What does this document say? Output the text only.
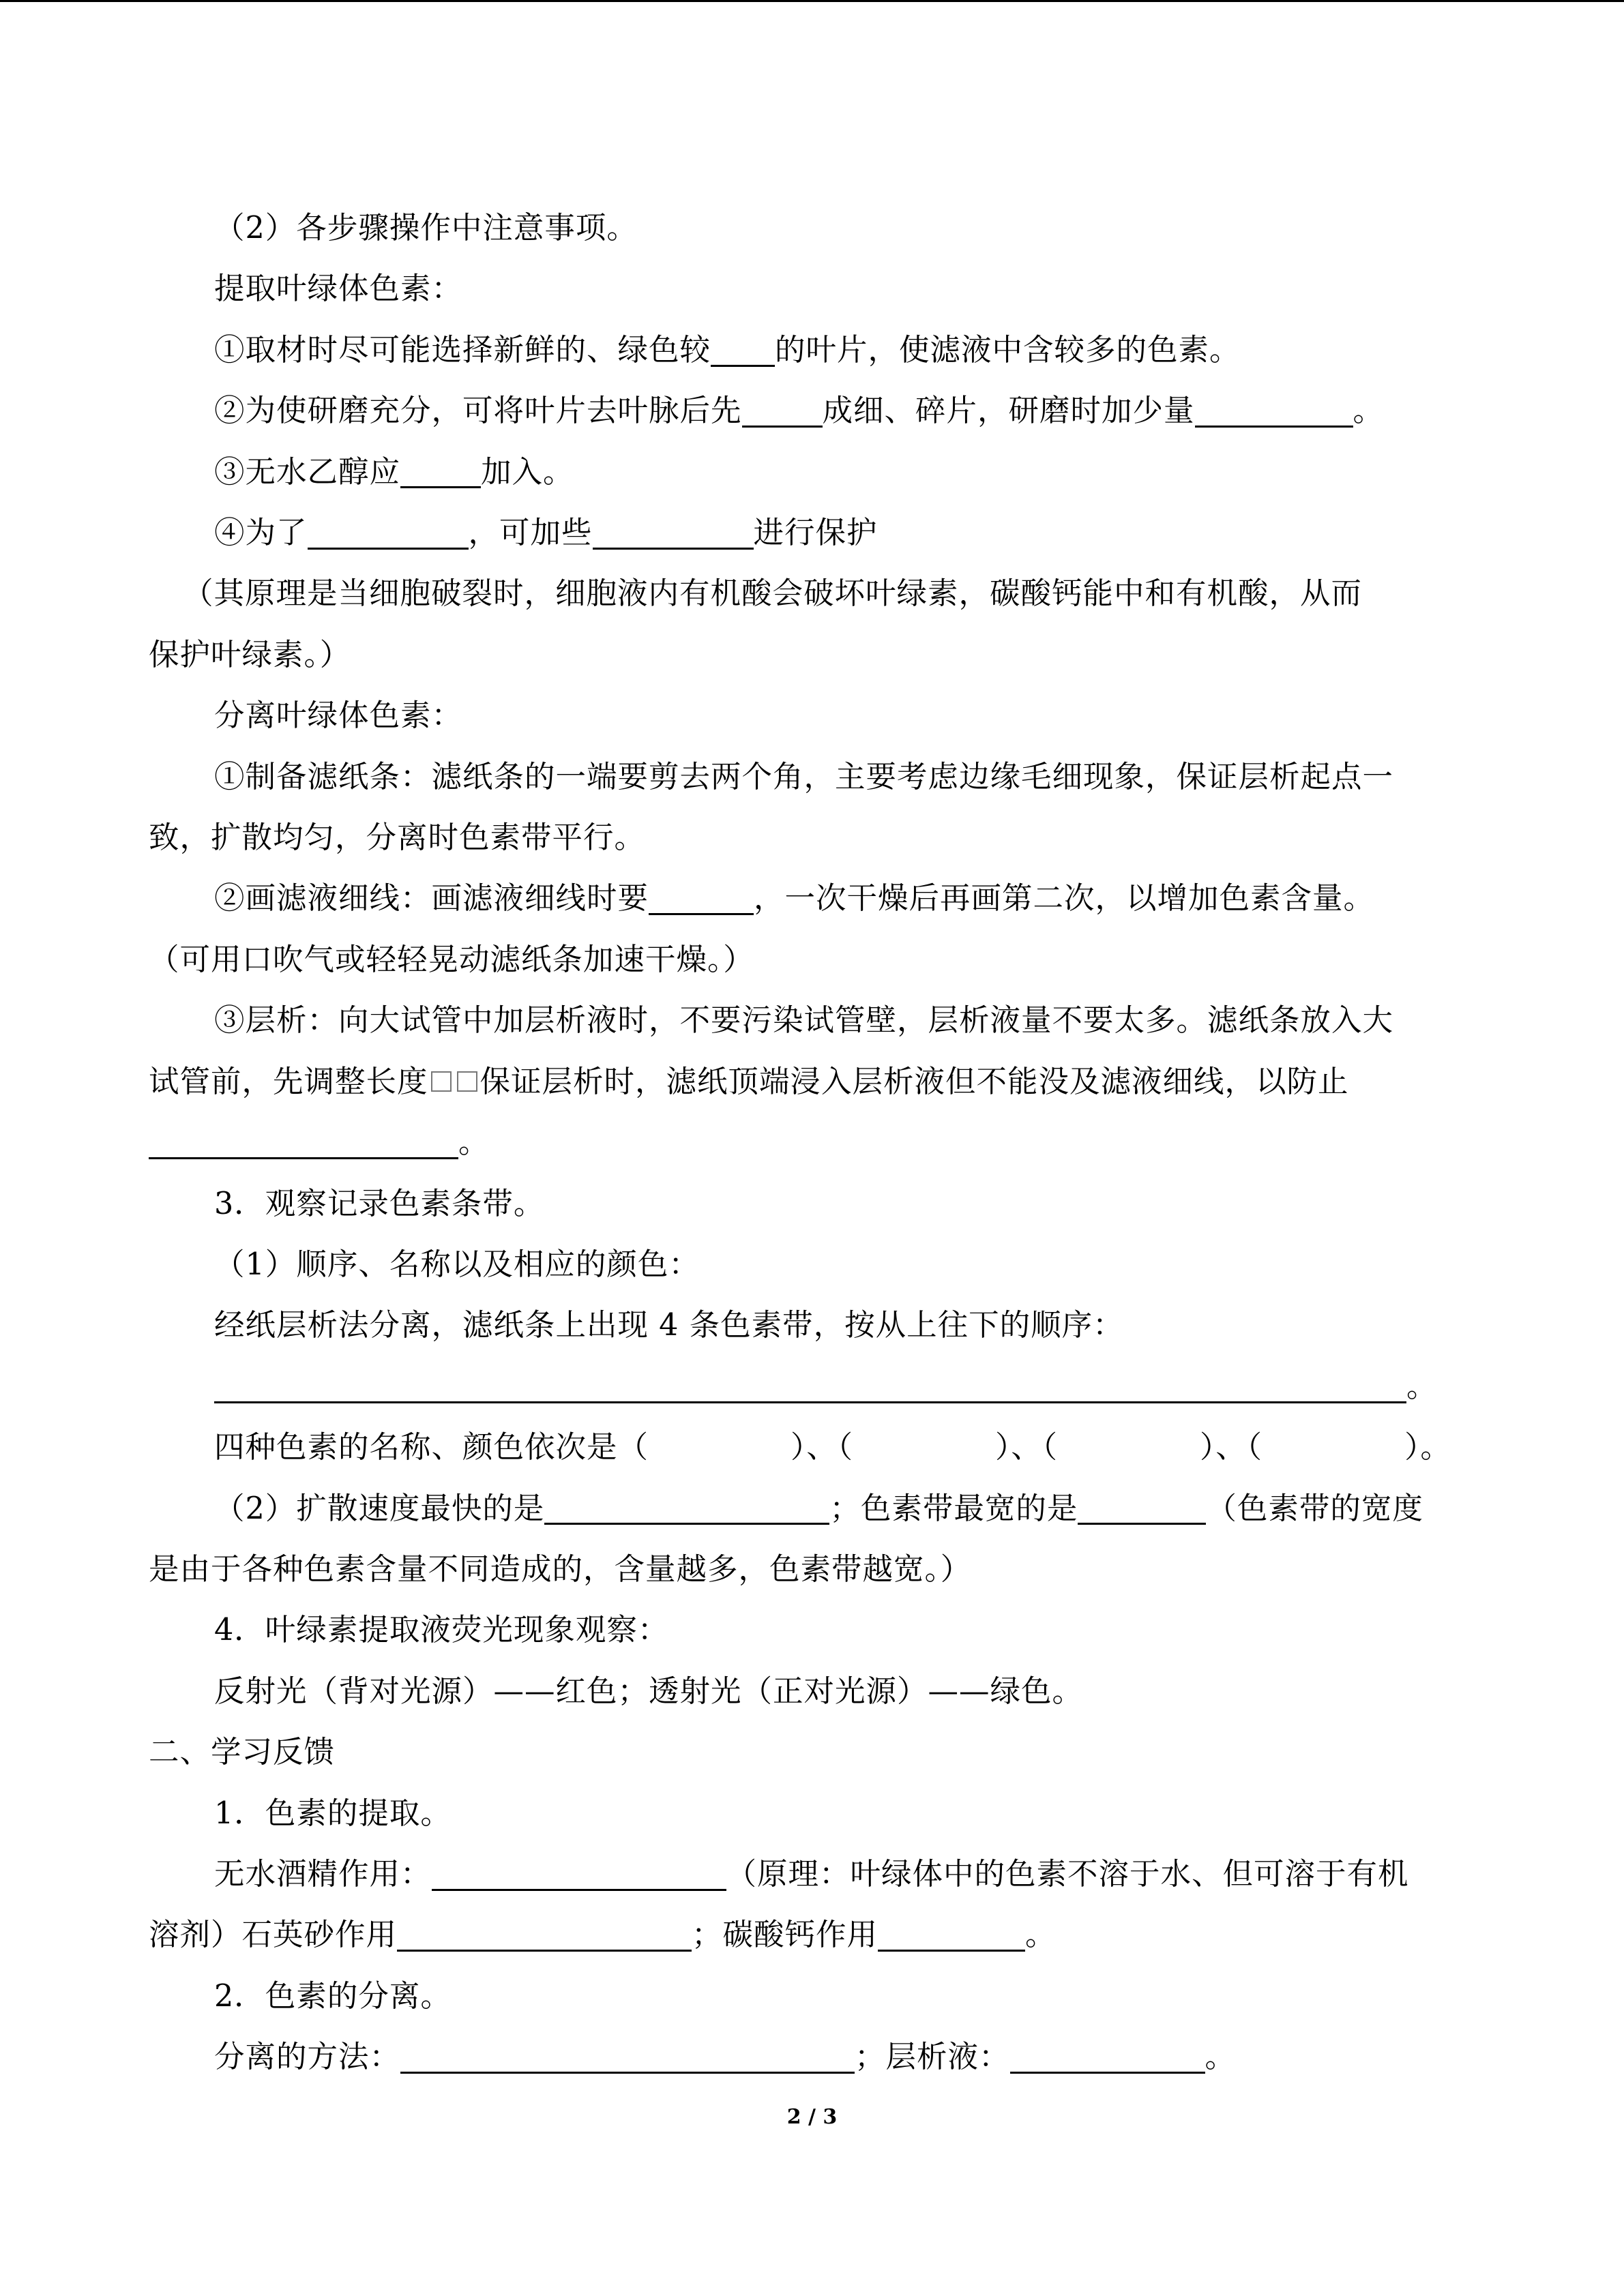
（2）各步骤操作中注意事项。

提取叶绿体色素：

①取材时尽可能选择新鲜的、绿色较 的叶片，使滤液中含较多的色素。

②为使研磨充分，可将叶片去叶脉后先	成细、碎片，研磨时加少量	。

③无水乙醇应	加入。

④为了	，可加些	进行保护

（其原理是当细胞破裂时，细胞液内有机酸会破坏叶绿素，碳酸钙能中和有机酸，从而

保护叶绿素。）

分离叶绿体色素：

①制备滤纸条：滤纸条的一端要剪去两个角，主要考虑边缘毛细现象，保证层析起点一

致，扩散均匀，分离时色素带平行。

②画滤液细线：画滤液细线时要	，一次干燥后再画第二次，以增加色素含量。

（可用口吹气或轻轻晃动滤纸条加速干燥。）

③层析：向大试管中加层析液时，不要污染试管壁，层析液量不要太多。滤纸条放入大

试管前，先调整长度 保证层析时，滤纸顶端浸入层析液但不能没及滤液细线，以防止

。

3．观察记录色素条带。

（1）顺序、名称以及相应的颜色：

经纸层析法分离，滤纸条上出现 4 条色素带，按从上往下的顺序：

。

四种色素的名称、颜色依次是（	）、（	）、（	）、（	）。

（2）扩散速度最快的是	；色素带最宽的是	（色素带的宽度

是由于各种色素含量不同造成的，含量越多，色素带越宽。）

4．叶绿素提取液荧光现象观察：

反射光（背对光源）——红色；透射光（正对光源）——绿色。

二、学习反馈

1．色素的提取。

无水酒精作用：	（原理：叶绿体中的色素不溶于水、但可溶于有机

溶剂）石英砂作用	；碳酸钙作用	。

2．色素的分离。

分离的方法：	；层析液：	。

2 / 3
